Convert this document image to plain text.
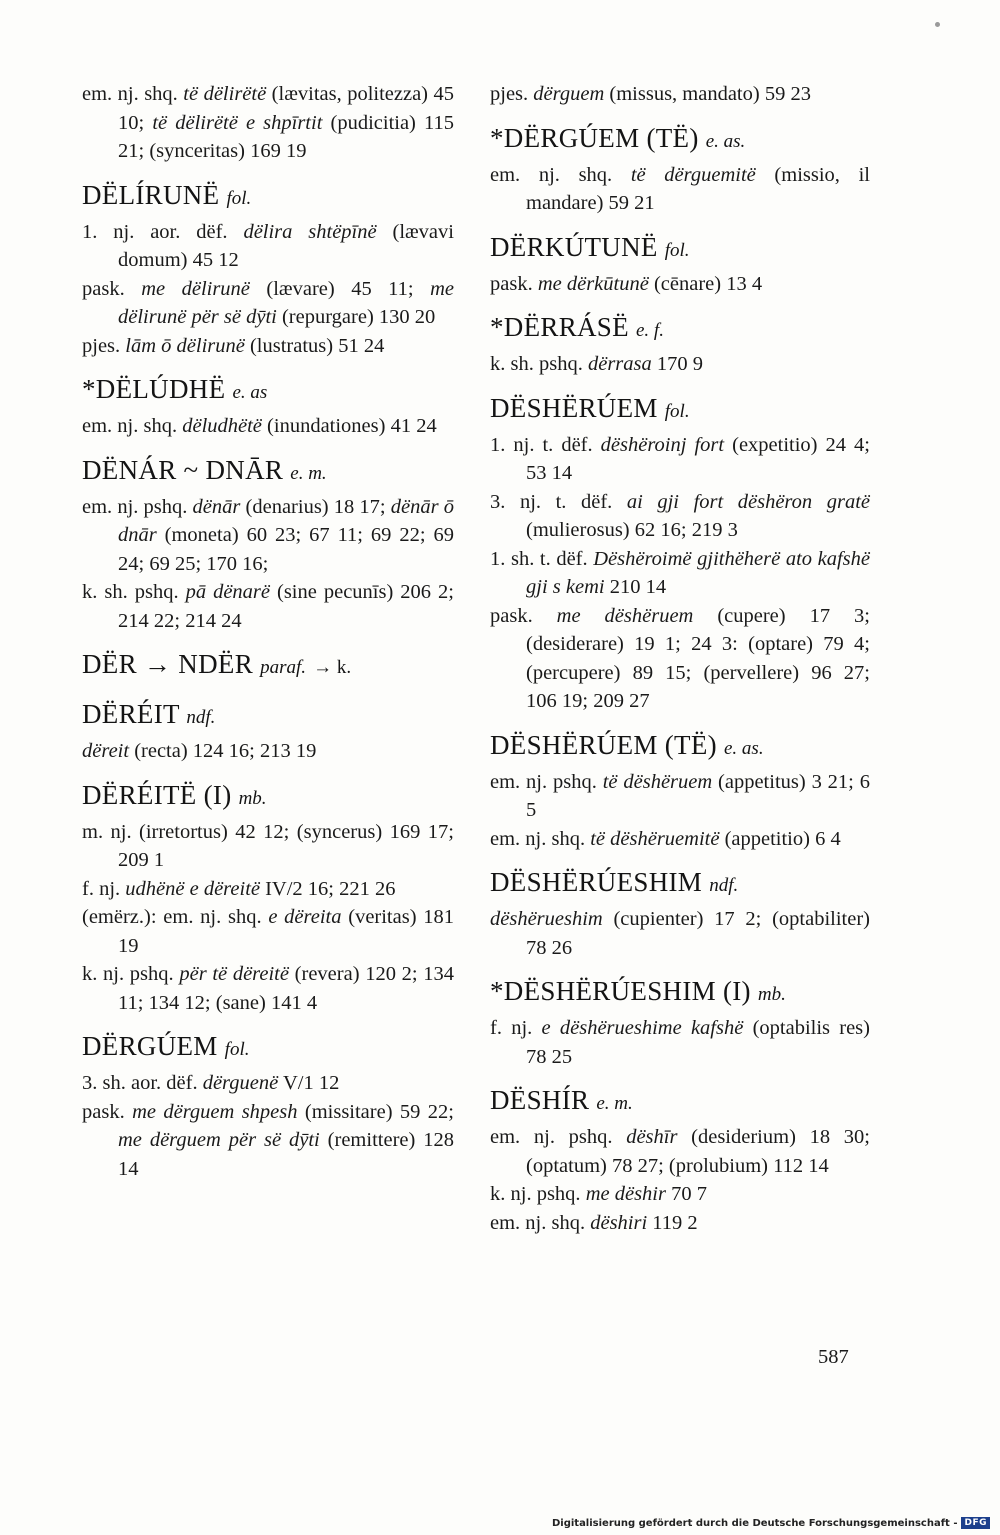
em. nj. shq. të dëlirëtë (lævitas, politezza) 45 10; të dëlirëtë e shpīrtit (pudicitia) 115 21; (synceritas) 169 19
DËLÍRUNË fol.
1. nj. aor. dëf. dëlira shtëpīnë (lævavi domum) 45 12
pask. me dëlirunë (lævare) 45 11; me dëlirunë për së dȳti (repurgare) 130 20
pjes. lām ō dëlirunë (lustratus) 51 24
*DËLÚDHË e. as
em. nj. shq. dëludhëtë (inundationes) 41 24
DËNÁR ~ DNĀR e. m.
em. nj. pshq. dënār (denarius) 18 17; dënār ō dnār (moneta) 60 23; 67 11; 69 22; 69 24; 69 25; 170 16;
k. sh. pshq. pā dënarë (sine pecunīs) 206 2; 214 22; 214 24
DËR → NDËR paraf. → k.
DËRÉIT ndf.
dëreit (recta) 124 16; 213 19
DËRÉITË (I) mb.
m. nj. (irretortus) 42 12; (syncerus) 169 17; 209 1
f. nj. udhënë e dëreitë IV/2 16; 221 26
(emërz.): em. nj. shq. e dëreita (veritas) 181 19
k. nj. pshq. për të dëreitë (revera) 120 2; 134 11; 134 12; (sane) 141 4
DËRGÚEM fol.
3. sh. aor. dëf. dërguenë V/1 12
pask. me dërguem shpesh (missitare) 59 22; me dërguem për së dȳti (remittere) 128 14
pjes. dërguem (missus, mandato) 59 23
*DËRGÚEM (TË) e. as.
em. nj. shq. të dërguemitë (missio, il mandare) 59 21
DËRKÚTUNË fol.
pask. me dërkūtunë (cēnare) 13 4
*DËRRÁSË e. f.
k. sh. pshq. dërrasa 170 9
DËSHËRÚEM fol.
1. nj. t. dëf. dëshëroinj fort (expetitio) 24 4; 53 14
3. nj. t. dëf. ai gji fort dëshëron gratë (mulierosus) 62 16; 219 3
1. sh. t. dëf. Dëshëroimë gjithëherë ato kafshë gji s kemi 210 14
pask. me dëshëruem (cupere) 17 3; (desiderare) 19 1; 24 3: (optare) 79 4; (percupere) 89 15; (pervellere) 96 27; 106 19; 209 27
DËSHËRÚEM (TË) e. as.
em. nj. pshq. të dëshëruem (appetitus) 3 21; 6 5
em. nj. shq. të dëshëruemitë (appetitio) 6 4
DËSHËRÚESHIM ndf.
dëshërueshim (cupienter) 17 2; (optabiliter) 78 26
*DËSHËRÚESHIM (I) mb.
f. nj. e dëshërueshime kafshë (optabilis res) 78 25
DËSHÍR e. m.
em. nj. pshq. dëshīr (desiderium) 18 30; (optatum) 78 27; (prolubium) 112 14
k. nj. pshq. me dëshir 70 7
em. nj. shq. dëshiri 119 2
587
Digitalisierung gefördert durch die Deutsche Forschungsgemeinschaft - DFG
